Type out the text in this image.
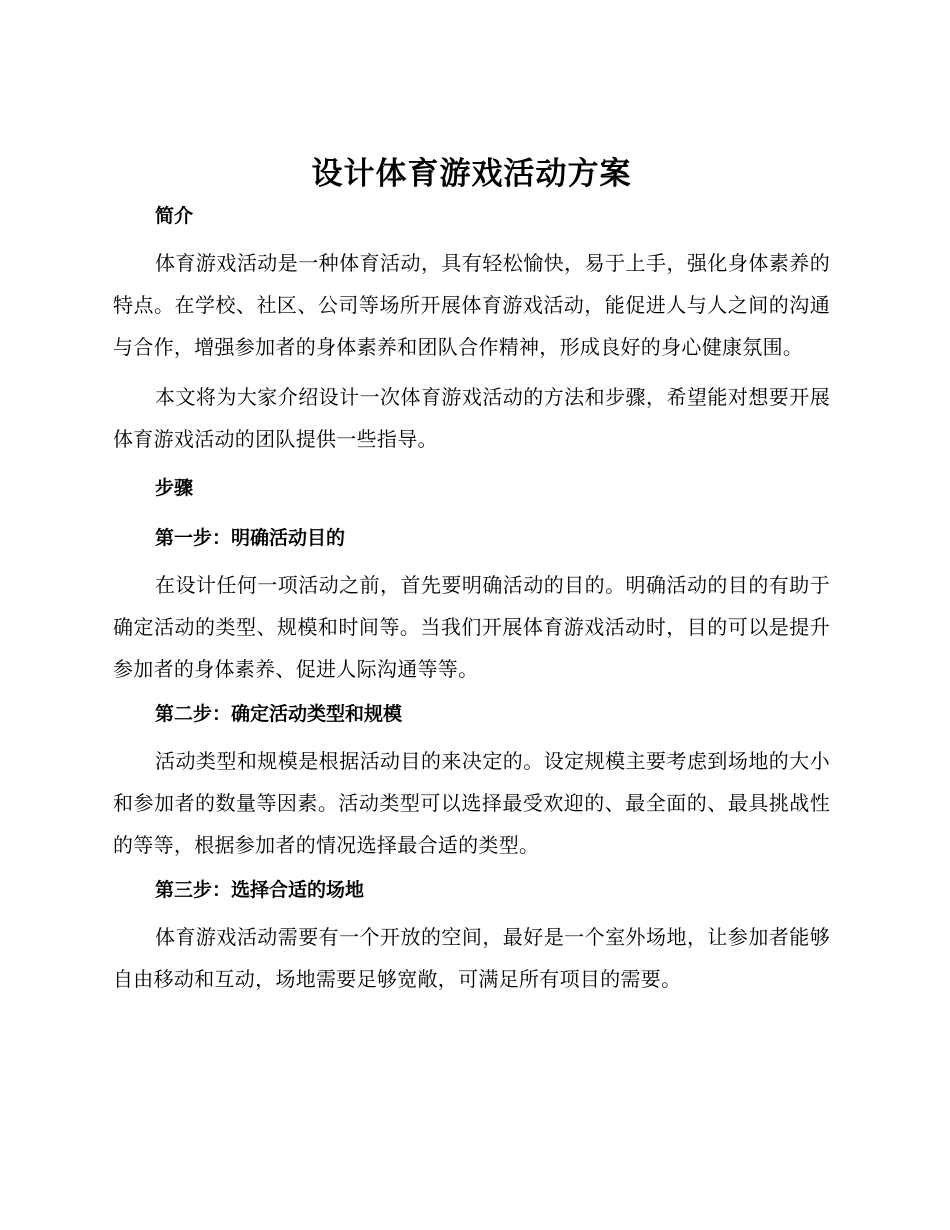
设计体育游戏活动方案
简介

体育游戏活动是一种体育活动，具有轻松愉快，易于上手，强化身体素养的特点。在学校、社区、公司等场所开展体育游戏活动，能促进人与人之间的沟通与合作，增强参加者的身体素养和团队合作精神，形成良好的身心健康氛围。

本文将为大家介绍设计一次体育游戏活动的方法和步骤，希望能对想要开展体育游戏活动的团队提供一些指导。

步骤
第一步：明确活动目的

在设计任何一项活动之前，首先要明确活动的目的。明确活动的目的有助于确定活动的类型、规模和时间等。当我们开展体育游戏活动时，目的可以是提升参加者的身体素养、促进人际沟通等等。

第二步：确定活动类型和规模

活动类型和规模是根据活动目的来决定的。设定规模主要考虑到场地的大小和参加者的数量等因素。活动类型可以选择最受欢迎的、最全面的、最具挑战性的等等，根据参加者的情况选择最合适的类型。

第三步：选择合适的场地

体育游戏活动需要有一个开放的空间，最好是一个室外场地，让参加者能够自由移动和互动，场地需要足够宽敞，可满足所有项目的需要。
